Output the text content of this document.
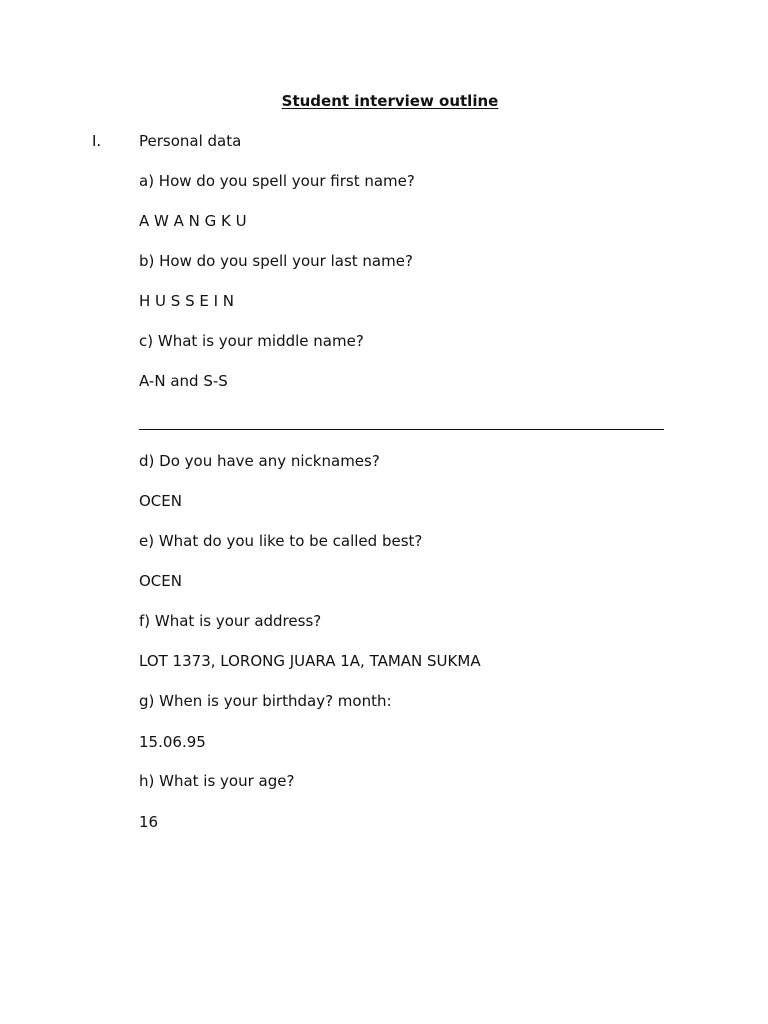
Student interview outline
I.	Personal data
a) How do you spell your first name?
A W A N G K U
b) How do you spell your last name?
H U S S E I N
c) What is your middle name?
A-N and S-S
d) Do you have any nicknames?
OCEN
e) What do you like to be called best?
OCEN
f) What is your address?
LOT 1373, LORONG JUARA 1A, TAMAN SUKMA
g) When is your birthday? month:
15.06.95
h) What is your age?
16
